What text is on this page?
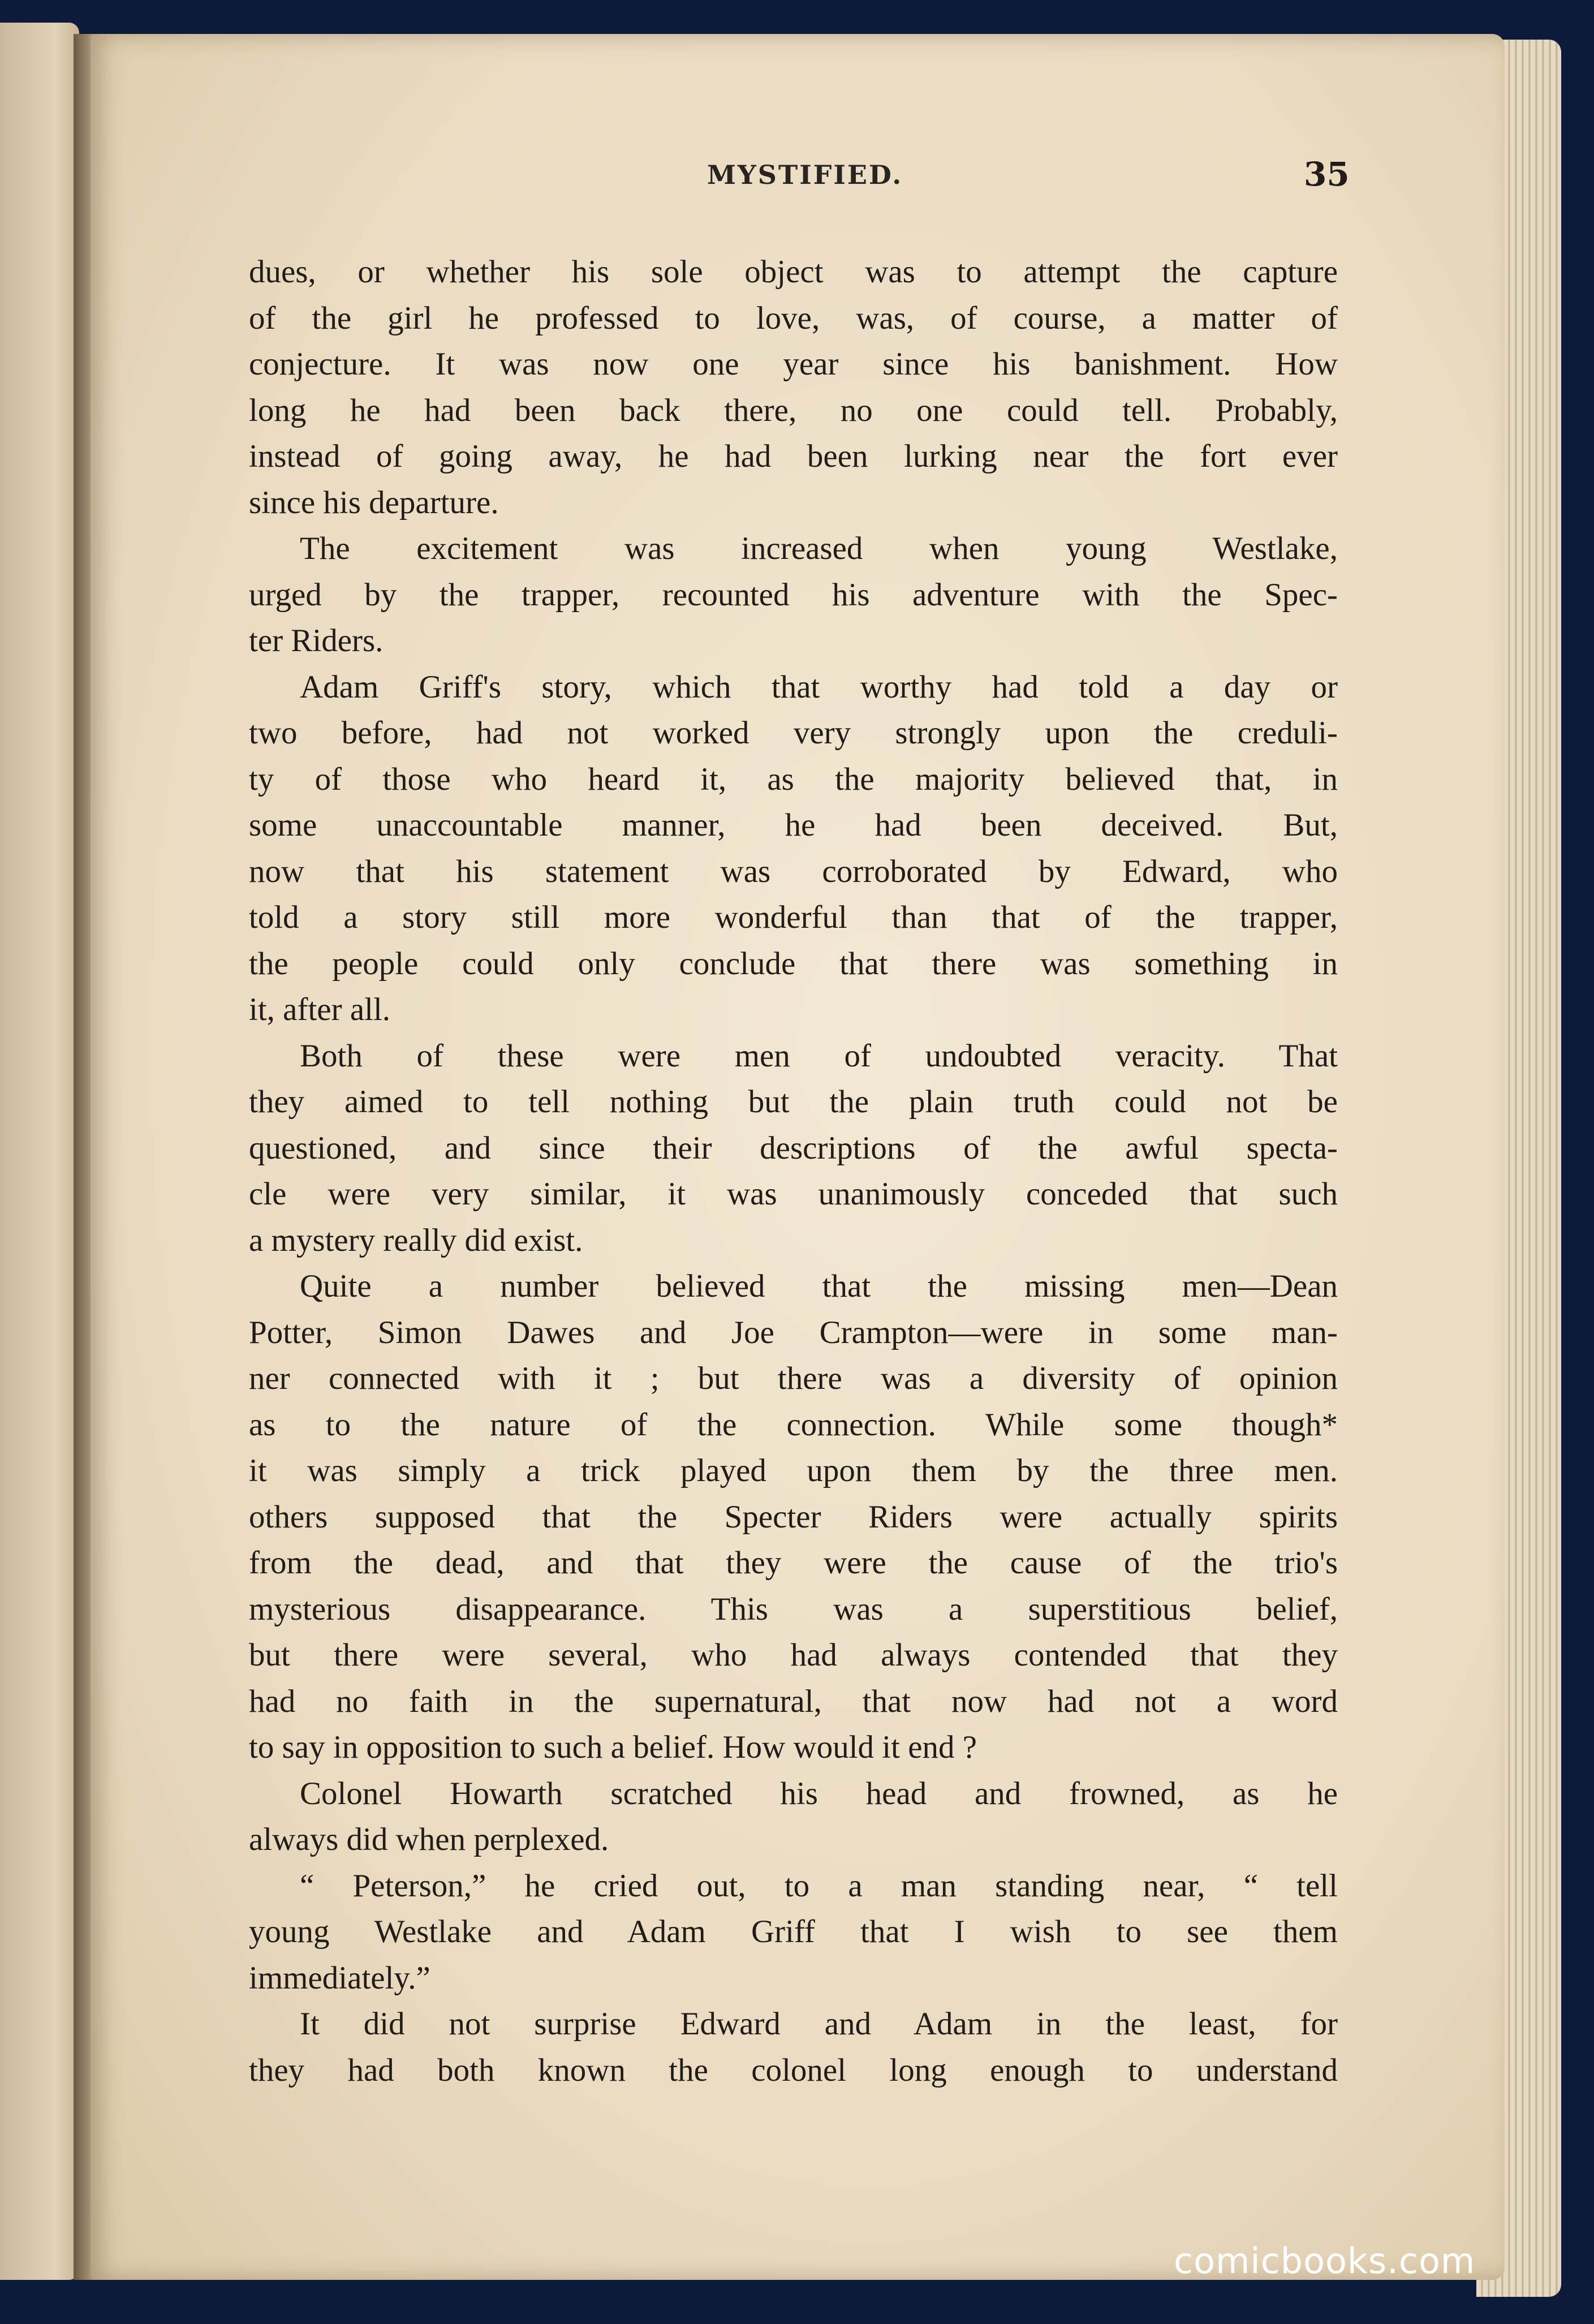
MYSTIFIED.	35
dues, or whether his sole object was to attempt the capture
of the girl he professed to love, was, of course, a matter of
conjecture. It was now one year since his banishment. How
long he had been back there, no one could tell. Probably,
instead of going away, he had been lurking near the fort ever
since his departure.
The excitement was increased when young Westlake,
urged by the trapper, recounted his adventure with the Spec-
ter Riders.
Adam Griff's story, which that worthy had told a day or
two before, had not worked very strongly upon the creduli-
ty of those who heard it, as the majority believed that, in
some unaccountable manner, he had been deceived. But,
now that his statement was corroborated by Edward, who
told a story still more wonderful than that of the trapper,
the people could only conclude that there was something in
it, after all.
Both of these were men of undoubted veracity. That
they aimed to tell nothing but the plain truth could not be
questioned, and since their descriptions of the awful specta-
cle were very similar, it was unanimously conceded that such
a mystery really did exist.
Quite a number believed that the missing men—Dean
Potter, Simon Dawes and Joe Crampton—were in some man-
ner connected with it ; but there was a diversity of opinion
as to the nature of the connection. While some though*
it was simply a trick played upon them by the three men.
others supposed that the Specter Riders were actually spirits
from the dead, and that they were the cause of the trio's
mysterious disappearance. This was a superstitious belief,
but there were several, who had always contended that they
had no faith in the supernatural, that now had not a word
to say in opposition to such a belief. How would it end ?
Colonel Howarth scratched his head and frowned, as he
always did when perplexed.
“ Peterson,” he cried out, to a man standing near, “ tell
young Westlake and Adam Griff that I wish to see them
immediately.”
It did not surprise Edward and Adam in the least, for
they had both known the colonel long enough to understand
comicbooks.com
